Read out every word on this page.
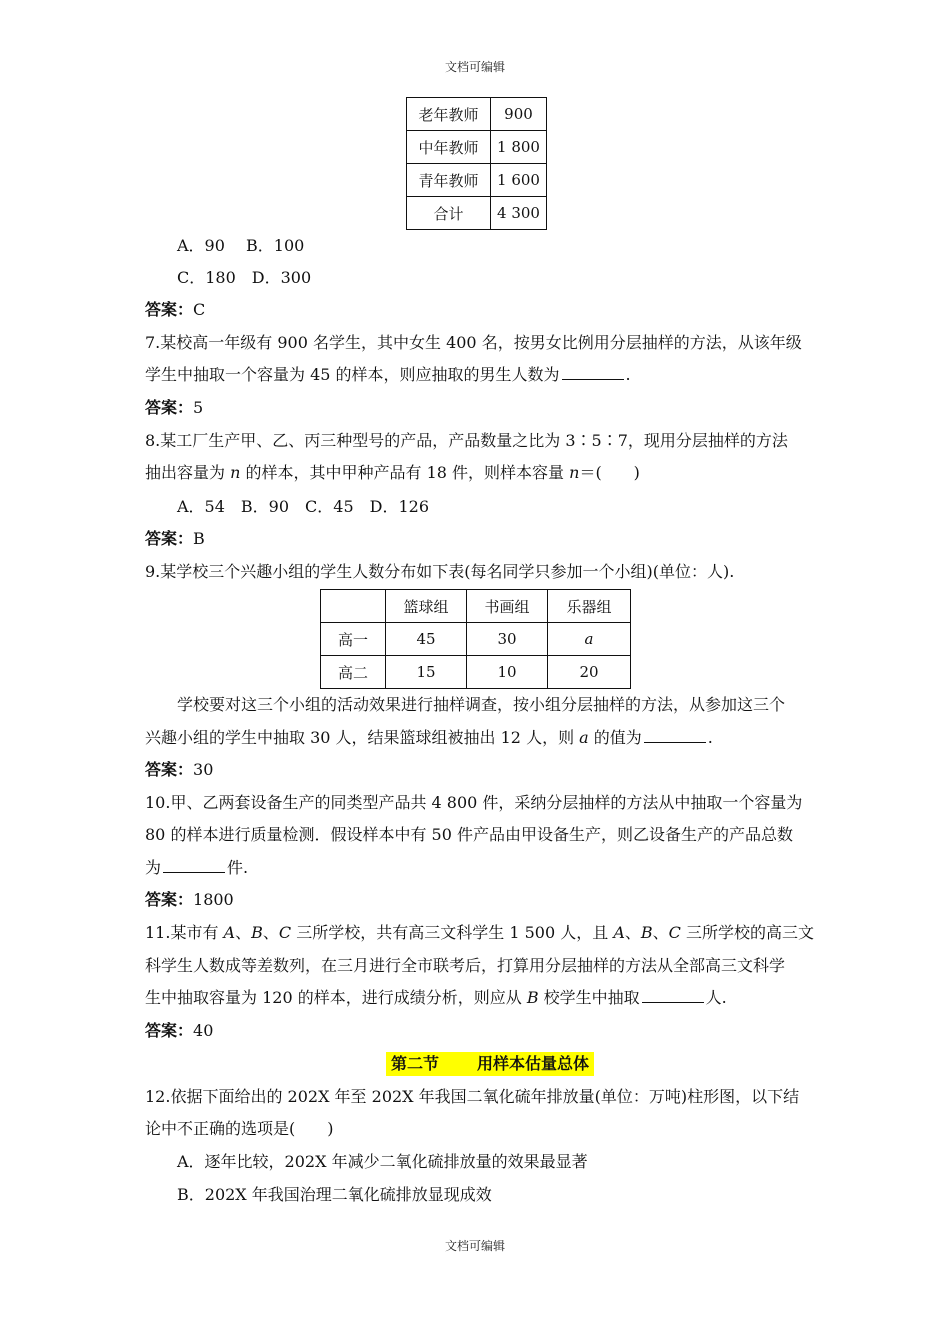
文档可编辑
老年教师	900
中年教师	1 800
青年教师	1 600
合计	4 300
A．90　 B．100
C．180　D．300
答案：C
7.某校高一年级有 900 名学生，其中女生 400 名，按男女比例用分层抽样的方法，从该年级
学生中抽取一个容量为 45 的样本，则应抽取的男生人数为	.
答案：5
8.某工厂生产甲、乙、丙三种型号的产品，产品数量之比为 3∶5∶7，现用分层抽样的方法
抽出容量为 n 的样本，其中甲种产品有 18 件，则样本容量 n＝(　　)
A．54　B．90　C．45　D．126
答案：B
9.某学校三个兴趣小组的学生人数分布如下表(每名同学只参加一个小组)(单位：人).
	篮球组	书画组	乐器组
高一	45	30	a
高二	15	10	20
学校要对这三个小组的活动效果进行抽样调查，按小组分层抽样的方法，从参加这三个
兴趣小组的学生中抽取 30 人，结果篮球组被抽出 12 人，则 a 的值为	.
答案：30
10.甲、乙两套设备生产的同类型产品共 4 800 件，采纳分层抽样的方法从中抽取一个容量为
80 的样本进行质量检测．假设样本中有 50 件产品由甲设备生产，则乙设备生产的产品总数
为	件.
答案：1800
11.某市有 A、B、C 三所学校，共有高三文科学生 1 500 人，且 A、B、C 三所学校的高三文
科学生人数成等差数列，在三月进行全市联考后，打算用分层抽样的方法从全部高三文科学
生中抽取容量为 120 的样本，进行成绩分析，则应从 B 校学生中抽取	人.
答案：40
第二节 用样本估量总体
12.依据下面给出的 202X 年至 202X 年我国二氧化硫年排放量(单位：万吨)柱形图，以下结
论中不正确的选项是(　　)
A．逐年比较，202X 年减少二氧化硫排放量的效果最显著
B．202X 年我国治理二氧化硫排放显现成效
文档可编辑
